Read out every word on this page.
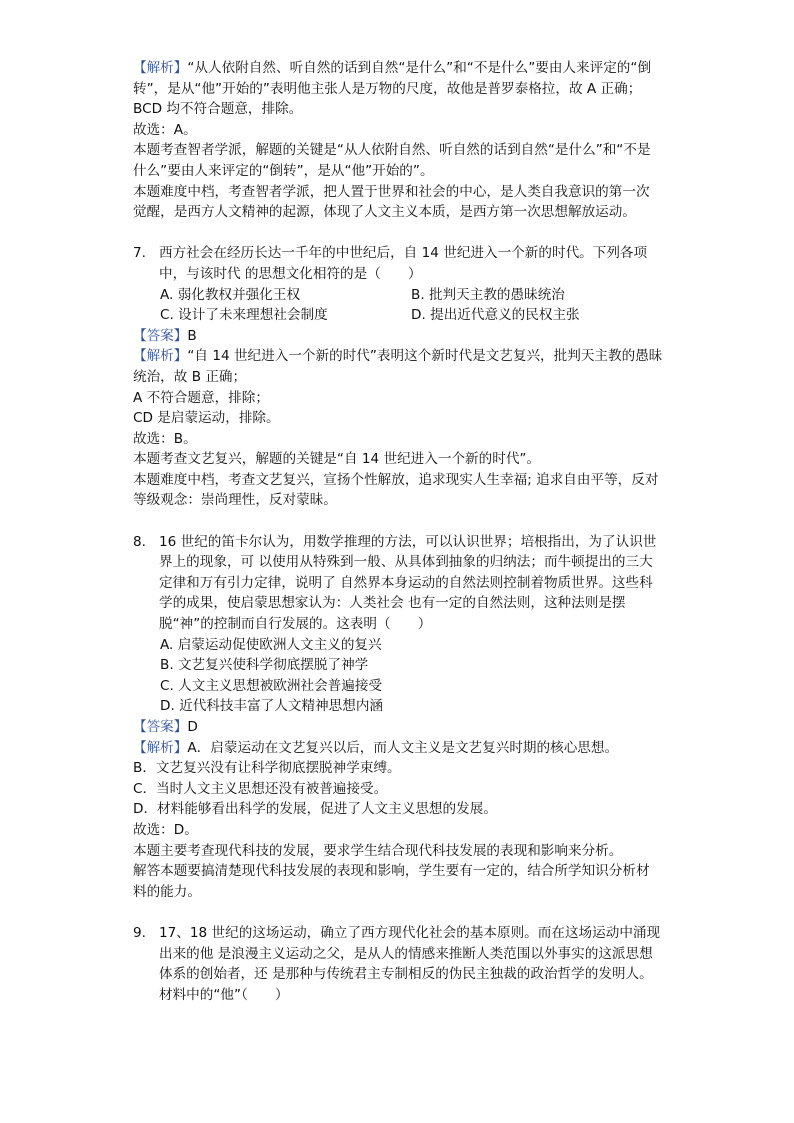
【解析】“从人依附自然、听自然的话到自然“是什么”和“不是什么”要由人来评定的“倒转”，是从“他”开始的”表明他主张人是万物的尺度，故他是普罗泰格拉，故 A 正确；

BCD 均不符合题意，排除。

故选：A。

本题考查智者学派，解题的关键是“从人依附自然、听自然的话到自然“是什么”和“不是什么”要由人来评定的“倒转”，是从“他”开始的”。

本题难度中档，考查智者学派，把人置于世界和社会的中心，是人类自我意识的第一次觉醒，是西方人文精神的起源，体现了人文主义本质，是西方第一次思想解放运动。

7. 西方社会在经历长达一千年的中世纪后，自 14 世纪进入一个新的时代。下列各项中，与该时代 的思想文化相符的是（　　）

A. 弱化教权并强化王权	B. 批判天主教的愚昧统治
C. 设计了未来理想社会制度	D. 提出近代意义的民权主张

【答案】B

【解析】“自 14 世纪进入一个新的时代”表明这个新时代是文艺复兴，批判天主教的愚昧统治，故 B 正确；

A 不符合题意，排除；

CD 是启蒙运动，排除。

故选：B。

本题考查文艺复兴，解题的关键是“自 14 世纪进入一个新的时代”。

本题难度中档，考查文艺复兴，宣扬个性解放，追求现实人生幸福; 追求自由平等，反对等级观念：崇尚理性，反对蒙昧。

8. 16 世纪的笛卡尔认为，用数学推理的方法，可以认识世界；培根指出，为了认识世界上的现象，可 以使用从特殊到一般、从具体到抽象的归纳法；而牛顿提出的三大定律和万有引力定律，说明了 自然界本身运动的自然法则控制着物质世界。这些科学的成果，使启蒙思想家认为：人类社会 也有一定的自然法则，这种法则是摆脱“神”的控制而自行发展的。这表明（　　）

A. 启蒙运动促使欧洲人文主义的复兴

B. 文艺复兴使科学彻底摆脱了神学

C. 人文主义思想被欧洲社会普遍接受

D. 近代科技丰富了人文精神思想内涵

【答案】D

【解析】A．启蒙运动在文艺复兴以后，而人文主义是文艺复兴时期的核心思想。

B．文艺复兴没有让科学彻底摆脱神学束缚。

C．当时人文主义思想还没有被普遍接受。

D．材料能够看出科学的发展，促进了人文主义思想的发展。

故选：D。

本题主要考查现代科技的发展，要求学生结合现代科技发展的表现和影响来分析。

解答本题要搞清楚现代科技发展的表现和影响，学生要有一定的，结合所学知识分析材料的能力。

9. 17、18 世纪的这场运动，确立了西方现代化社会的基本原则。而在这场运动中涌现出来的他 是浪漫主义运动之父，是从人的情感来推断人类范围以外事实的这派思想体系的创始者，还 是那种与传统君主专制相反的伪民主独裁的政治哲学的发明人。材料中的“他”（　　）
